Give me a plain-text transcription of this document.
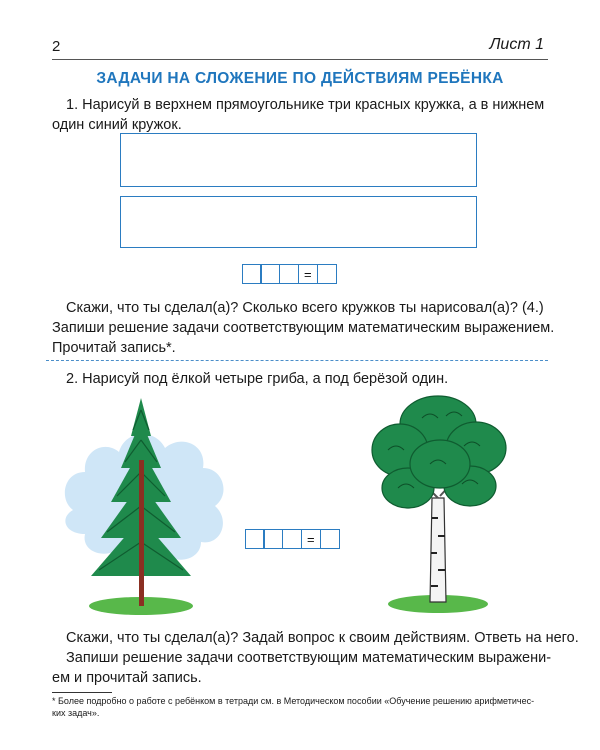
2	Лист 1
ЗАДАЧИ НА СЛОЖЕНИЕ ПО ДЕЙСТВИЯМ РЕБЁНКА
1. Нарисуй в верхнем прямоугольнике три красных кружка, а в нижнем
один синий кружок.
=
Скажи, что ты сделал(а)? Сколько всего кружков ты нарисовал(а)? (4.)
Запиши решение задачи соответствующим математическим выражением.
Прочитай запись*.
2. Нарисуй под ёлкой четыре гриба, а под берёзой один.
=
Скажи, что ты сделал(а)? Задай вопрос к своим действиям. Ответь на него.
Запиши решение задачи соответствующим математическим выражени-
ем и прочитай запись.
* Более подробно о работе с ребёнком в тетради см. в Методическом пособии «Обучение решению арифметичес-
ких задач».
